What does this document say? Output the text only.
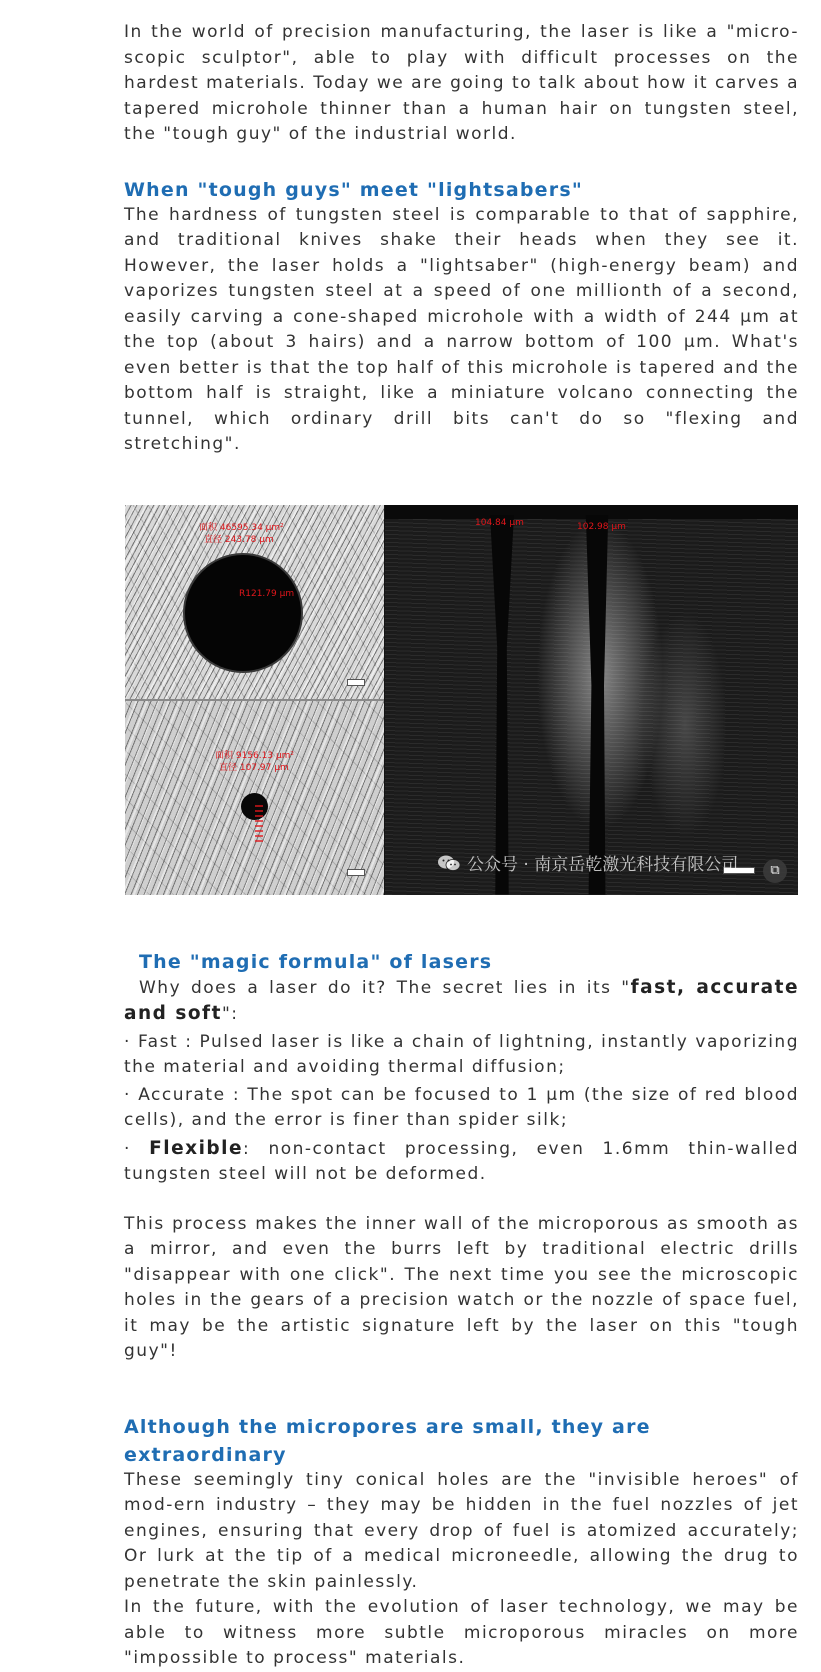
In the world of precision manufacturing, the laser is like a "micro-scopic sculptor", able to play with difficult processes on the hardest materials. Today we are going to talk about how it carves a tapered microhole thinner than a human hair on tungsten steel, the "tough guy" of the industrial world.

When "tough guys" meet "lightsabers"

The hardness of tungsten steel is comparable to that of sapphire, and traditional knives shake their heads when they see it. However, the laser holds a "lightsaber" (high-energy beam) and vaporizes tungsten steel at a speed of one millionth of a second, easily carving a cone-shaped microhole with a width of 244 μm at the top (about 3 hairs) and a narrow bottom of 100 μm. What's even better is that the top half of this microhole is tapered and the bottom half is straight, like a miniature volcano connecting the tunnel, which ordinary drill bits can't do so "flexing and stretching".

面积 46595.34 μm²
直径 243.78 μm
R121.79 μm
面积 9156.13 μm²
直径 107.97 μm
104.84 μm	102.98 μm
公众号 · 南京岳乾激光科技有限公司	⧉
The "magic formula" of lasers

Why does a laser do it? The secret lies in its "fast, accurate and soft":

· Fast : Pulsed laser is like a chain of lightning, instantly vaporizing the material and avoiding thermal diffusion;

· Accurate : The spot can be focused to 1 μm (the size of red blood cells), and the error is finer than spider silk;

· Flexible: non-contact processing, even 1.6mm thin-walled tungsten steel will not be deformed.

This process makes the inner wall of the microporous as smooth as a mirror, and even the burrs left by traditional electric drills "disappear with one click". The next time you see the microscopic holes in the gears of a precision watch or the nozzle of space fuel, it may be the artistic signature left by the laser on this "tough guy"!

Although the micropores are small, they are extraordinary

These seemingly tiny conical holes are the "invisible heroes" of mod-ern industry – they may be hidden in the fuel nozzles of jet engines, ensuring that every drop of fuel is atomized accurately; Or lurk at the tip of a medical microneedle, allowing the drug to penetrate the skin painlessly.

In the future, with the evolution of laser technology, we may be able to witness more subtle microporous miracles on more "impossible to process" materials.
